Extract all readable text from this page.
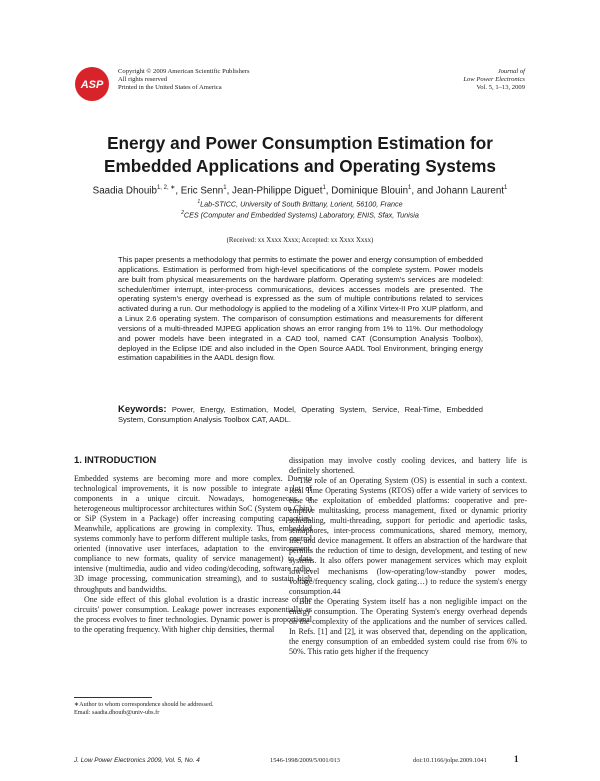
ASP
Copyright © 2009 American Scientific Publishers
All rights reserved
Printed in the United States of America
Journal of
Low Power Electronics
Vol. 5, 1–13, 2009
Energy and Power Consumption Estimation for
Embedded Applications and Operating Systems
Saadia Dhouib$^{1, 2, ∗}$, Eric Senn$^1$, Jean-Philippe Diguet$^1$, Dominique Blouin$^1$, and Johann Laurent$^1$
$^1$Lab-STICC, University of South Brittany, Lorient, 56100, France
$^2$CES (Computer and Embedded Systems) Laboratory, ENIS, Sfax, Tunisia
(Received: xx Xxxx Xxxx; Accepted: xx Xxxx Xxxx)
This paper presents a methodology that permits to estimate the power and energy consumption of embedded applications. Estimation is performed from high-level specifications of the complete system. Power models are built from physical measurements on the hardware platform. Operating system's services are modeled: scheduler/timer interrupt, inter-process communications, devices accesses models are presented. The operating system's energy overhead is expressed as the sum of multiple contributions related to services activated during a run. Our methodology is applied to the modeling of a Xillinx Virtex-II Pro XUP platform, and a Linux 2.6 operating system. The comparison of consumption estimations and measurements for different versions of a multi-threaded MJPEG application shows an error ranging from 1% to 11%. Our methodology and power models have been integrated in a CAD tool, named CAT (Consumption Analysis Toolbox), deployed in the Eclipse IDE and also included in the Open Source AADL Tool Environment, bringing energy estimation capabilities in the AADL design flow.
Keywords: Power, Energy, Estimation, Model, Operating System, Service, Real-Time, Embedded System, Consumption Analysis Toolbox CAT, AADL.
1. INTRODUCTION

Embedded systems are becoming more and more complex. Due to technological improvements, it is now possible to integrate a lot of components in a unique circuit. Nowadays, homogeneous or heterogeneous multiprocessor architectures within SoC (System on Chip) or SiP (System in a Package) offer increasing computing capacities. Meanwhile, applications are growing in complexity. Thus, embedded systems commonly have to perform different multiple tasks, from control oriented (innovative user interfaces, adaptation to the environment, compliance to new formats, quality of service management) to data intensive (multimedia, audio and video coding/decoding, software radio, 3D image processing, communication streaming), and to sustain high throughputs and bandwidths.

One side effect of this global evolution is a drastic increase of the circuits' power consumption. Leakage power increases exponentially as the process evolves to finer technologies. Dynamic power is proportional to the operating frequency. With higher chip densities, thermal

dissipation may involve costly cooling devices, and battery life is definitely shortened.

The role of an Operating System (OS) is essential in such a context. Real Time Operating Systems (RTOS) offer a wide variety of services to ease the exploitation of embedded platforms: cooperative and pre-emptive multitasking, process management, fixed or dynamic priority scheduling, multi-threading, support for periodic and aperiodic tasks, semaphores, inter-process communications, shared memory, memory, file, and device management. It offers an abstraction of the hardware that permits the reduction of time to design, development, and testing of new systems. It also offers power management services which may exploit low-level mechanisms (low-operating/low-standby power modes, voltage/frequency scaling, clock gating…) to reduce the system's energy consumption.44

But the Operating System itself has a non negligible impact on the energy consumption. The Operating System's energy overhead depends on the complexity of the applications and the number of services called. In Refs. [1] and [2], it was observed that, depending on the application, the energy consumption of an embedded system could rise from 6% to 50%. This ratio gets higher if the frequency

∗Author to whom correspondence should be addressed.
Email: saadia.dhouib@univ-ubs.fr
J. Low Power Electronics 2009, Vol. 5, No. 4	1546-1998/2009/5/001/013	doi:10.1166/jolpe.2009.1041	1
